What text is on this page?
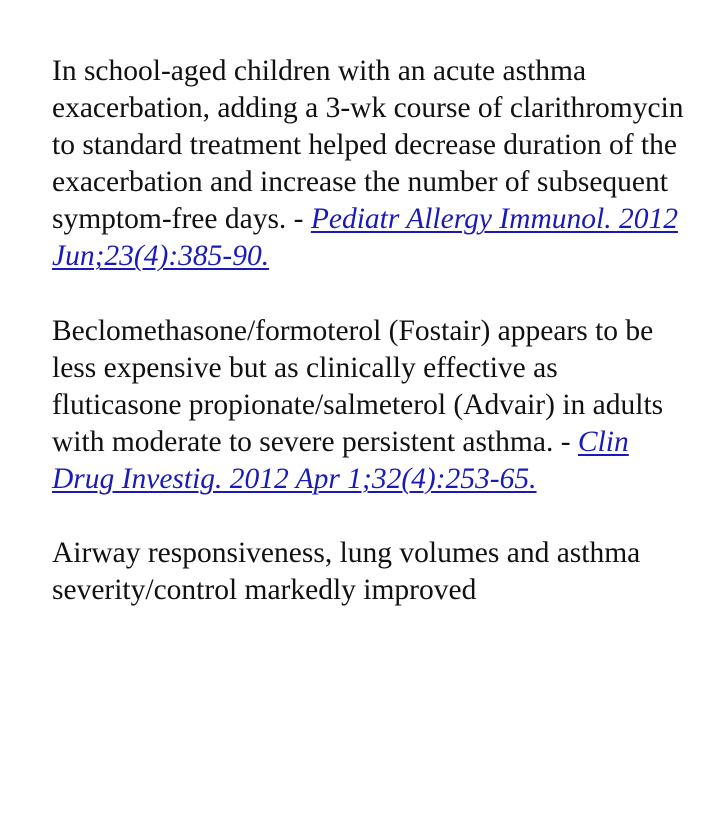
In school-aged children with an acute asthma exacerbation, adding a 3-wk course of clarithromycin to standard treatment helped decrease duration of the exacerbation and increase the number of subsequent symptom-free days. - Pediatr Allergy Immunol. 2012 Jun;23(4):385-90.

Beclomethasone/formoterol (Fostair) appears to be less expensive but as clinically effective as fluticasone propionate/salmeterol (Advair) in adults with moderate to severe persistent asthma. - Clin Drug Investig. 2012 Apr 1;32(4):253-65.

Airway responsiveness, lung volumes and asthma severity/control markedly improved
